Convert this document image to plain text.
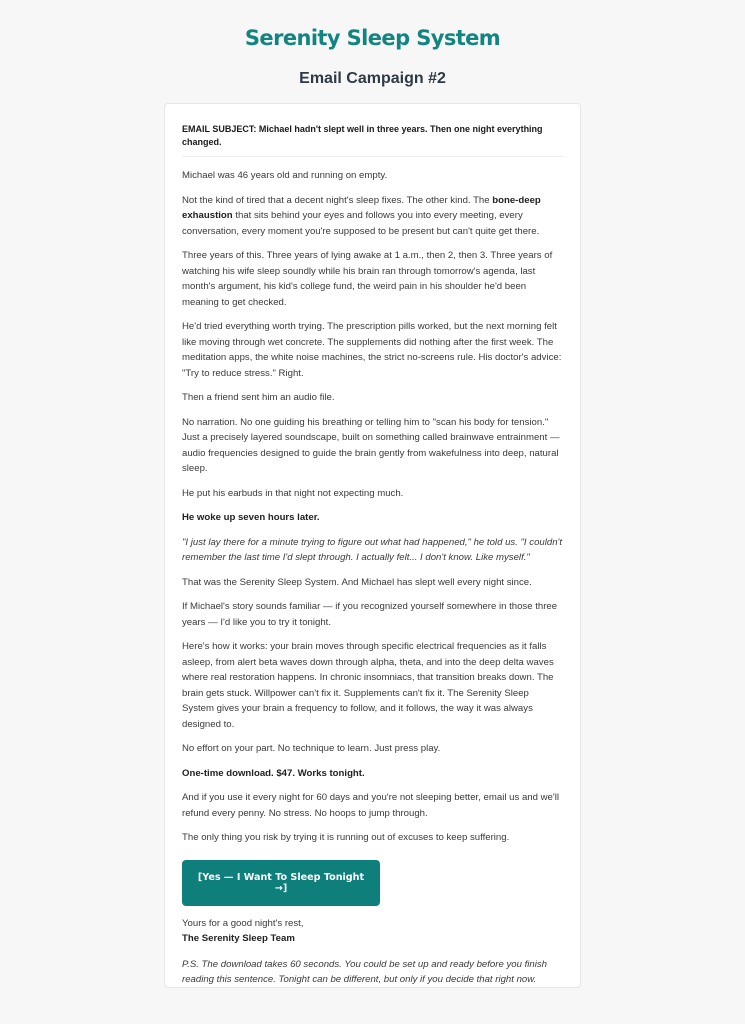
Serenity Sleep System
Email Campaign #2
EMAIL SUBJECT: Michael hadn't slept well in three years. Then one night everything changed.

Michael was 46 years old and running on empty.

Not the kind of tired that a decent night's sleep fixes. The other kind. The bone-deep exhaustion that sits behind your eyes and follows you into every meeting, every conversation, every moment you're supposed to be present but can't quite get there.

Three years of this. Three years of lying awake at 1 a.m., then 2, then 3. Three years of watching his wife sleep soundly while his brain ran through tomorrow's agenda, last month's argument, his kid's college fund, the weird pain in his shoulder he'd been meaning to get checked.

He'd tried everything worth trying. The prescription pills worked, but the next morning felt like moving through wet concrete. The supplements did nothing after the first week. The meditation apps, the white noise machines, the strict no-screens rule. His doctor's advice: "Try to reduce stress." Right.

Then a friend sent him an audio file.

No narration. No one guiding his breathing or telling him to "scan his body for tension." Just a precisely layered soundscape, built on something called brainwave entrainment — audio frequencies designed to guide the brain gently from wakefulness into deep, natural sleep.

He put his earbuds in that night not expecting much.

He woke up seven hours later.

"I just lay there for a minute trying to figure out what had happened," he told us. "I couldn't remember the last time I'd slept through. I actually felt... I don't know. Like myself."

That was the Serenity Sleep System. And Michael has slept well every night since.

If Michael's story sounds familiar — if you recognized yourself somewhere in those three years — I'd like you to try it tonight.

Here's how it works: your brain moves through specific electrical frequencies as it falls asleep, from alert beta waves down through alpha, theta, and into the deep delta waves where real restoration happens. In chronic insomniacs, that transition breaks down. The brain gets stuck. Willpower can't fix it. Supplements can't fix it. The Serenity Sleep System gives your brain a frequency to follow, and it follows, the way it was always designed to.

No effort on your part. No technique to learn. Just press play.

One-time download. $47. Works tonight.

And if you use it every night for 60 days and you're not sleeping better, email us and we'll refund every penny. No stress. No hoops to jump through.

The only thing you risk by trying it is running out of excuses to keep suffering.

[Yes — I Want To Sleep Tonight →]

Yours for a good night's rest,
The Serenity Sleep Team

P.S. The download takes 60 seconds. You could be set up and ready before you finish reading this sentence. Tonight can be different, but only if you decide that right now.
